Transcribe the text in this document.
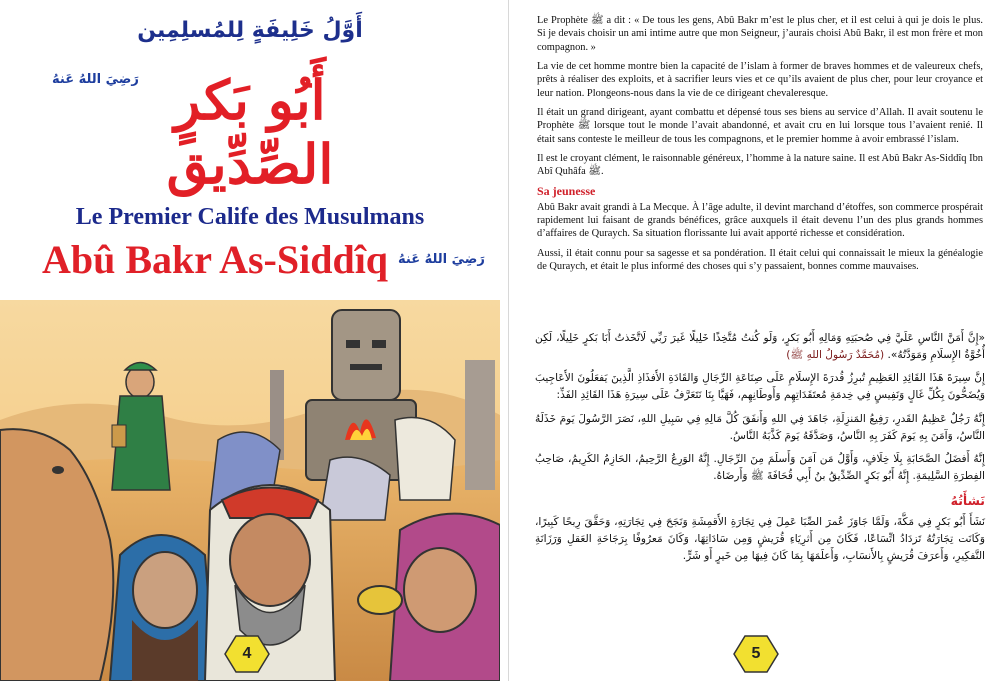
أَوَّلُ خَلِيفَةٍ لِلمُسلِمِين
رَضِيَ اللهُ عَنهُ أَبُو بَكرٍ الصِّدِّيق
Le Premier Calife des Musulmans
Abû Bakr As-Siddîq رَضِيَ اللهُ عَنهُ
4

Le Prophète ﷺ a dit : « De tous les gens, Abû Bakr m’est le plus cher, et il est celui à qui je dois le plus. Si je devais choisir un ami intime autre que mon Seigneur, j’aurais choisi Abû Bakr, il est mon frère et mon compagnon. »

La vie de cet homme montre bien la capacité de l’islam à former de braves hommes et de valeureux chefs, prêts à réaliser des exploits, et à sacrifier leurs vies et ce qu’ils avaient de plus cher, pour leur croyance et leur nation. Plongeons-nous dans la vie de ce dirigeant chevaleresque.

Il était un grand dirigeant, ayant combattu et dépensé tous ses biens au service d’Allah. Il avait soutenu le Prophète ﷺ lorsque tout le monde l’avait abandonné, et avait cru en lui lorsque tous l’avaient renié. Il était sans conteste le meilleur de tous les compagnons, et le premier homme à avoir embrassé l’islam.

Il est le croyant clément, le raisonnable généreux, l’homme à la nature saine. Il est Abû Bakr As-Siddîq Ibn Abî Quhâfa ﷺ.

Sa jeunesse

Abû Bakr avait grandi à La Mecque. À l’âge adulte, il devint marchand d’étoffes, son commerce prospérait rapidement lui faisant de grands bénéfices, grâce auxquels il était devenu l’un des plus grands hommes d’affaires de Quraych. Sa situation florissante lui avait apporté richesse et considération.

Aussi, il était connu pour sa sagesse et sa pondération. Il était celui qui connaissait le mieux la généalogie de Quraych, et était le plus informé des choses qui s’y passaient, bonnes comme mauvaises.

«إِنَّ أَمَنَّ النَّاسِ عَلَيَّ فِي صُحبَتِهِ وَمَالِهِ أَبُو بَكرٍ، وَلَو كُنتُ مُتَّخِذًا خَلِيلًا غَيرَ رَبِّي لَاتَّخَذتُ أَبَا بَكرٍ خَلِيلًا، لَكِن أُخُوَّةُ الإِسلَامِ وَمَوَدَّتُهُ». (مُحَمَّدٌ رَسُولُ اللهِ ﷺ)

إِنَّ سِيرَةَ هَذَا القَائِدِ العَظِيمِ تُبرِزُ قُدرَةَ الإِسلَامِ عَلَى صِنَاعَةِ الرِّجَالِ وَالقَادَةِ الأَفذَاذِ الَّذِينَ يَفعَلُونَ الأَعَاجِيبَ وَيُضَحُّونَ بِكُلِّ غَالٍ وَنَفِيسٍ فِي خِدمَةِ مُعتَقَدَاتِهِم وَأَوطَانِهِم، فَهَيَّا بِنَا نَتَعَرَّفُ عَلَى سِيرَةِ هَذَا القَائِدِ الفَذِّ:

إِنَّهُ رَجُلٌ عَظِيمُ القَدرِ، رَفِيعُ المَنزِلَةِ، جَاهَدَ فِي اللهِ وَأَنفَقَ كُلَّ مَالِهِ فِي سَبِيلِ اللهِ، نَصَرَ الرَّسُولَ يَومَ خَذَلَهُ النَّاسُ، وَآمَنَ بِهِ يَومَ كَفَرَ بِهِ النَّاسُ، وَصَدَّقَهُ يَومَ كَذَّبَهُ النَّاسُ.

إِنَّهُ أَفضَلُ الصَّحَابَةِ بِلَا خِلَافٍ، وَأَوَّلُ مَن آمَنَ وَأَسلَمَ مِنَ الرِّجَالِ. إِنَّهُ الوَرِعُ الرَّحِيمُ، الحَازِمُ الكَرِيمُ، صَاحِبُ الفِطرَةِ السَّلِيمَةِ. إِنَّهُ أَبُو بَكرٍ الصِّدِّيقُ بنُ أَبِي قُحَافَةَ ﷺ وَأَرضَاهُ.

نَشأَتُهُ

نَشَأَ أَبُو بَكرٍ فِي مَكَّةَ، وَلَمَّا جَاوَزَ عُمرَ الصِّبَا عَمِلَ فِي تِجَارَةِ الأَقمِشَةِ وَنَجَحَ فِي تِجَارَتِهِ، وَحَقَّقَ رِبحًا كَبِيرًا، وَكَانَت تِجَارَتُهُ تَزدَادُ اتِّسَاعًا، فَكَانَ مِن أَثرِيَاءِ قُرَيشٍ وَمِن سَادَاتِهَا، وَكَانَ مَعرُوفًا بِرَجَاحَةِ العَقلِ وَرَزَانَةِ التَّفكِيرِ، وَأَعرَفَ قُرَيشٍ بِالأَنسَابِ، وَأَعلَمَهَا بِمَا كَانَ فِيهَا مِن خَيرٍ أَو شَرٍّ.

5
